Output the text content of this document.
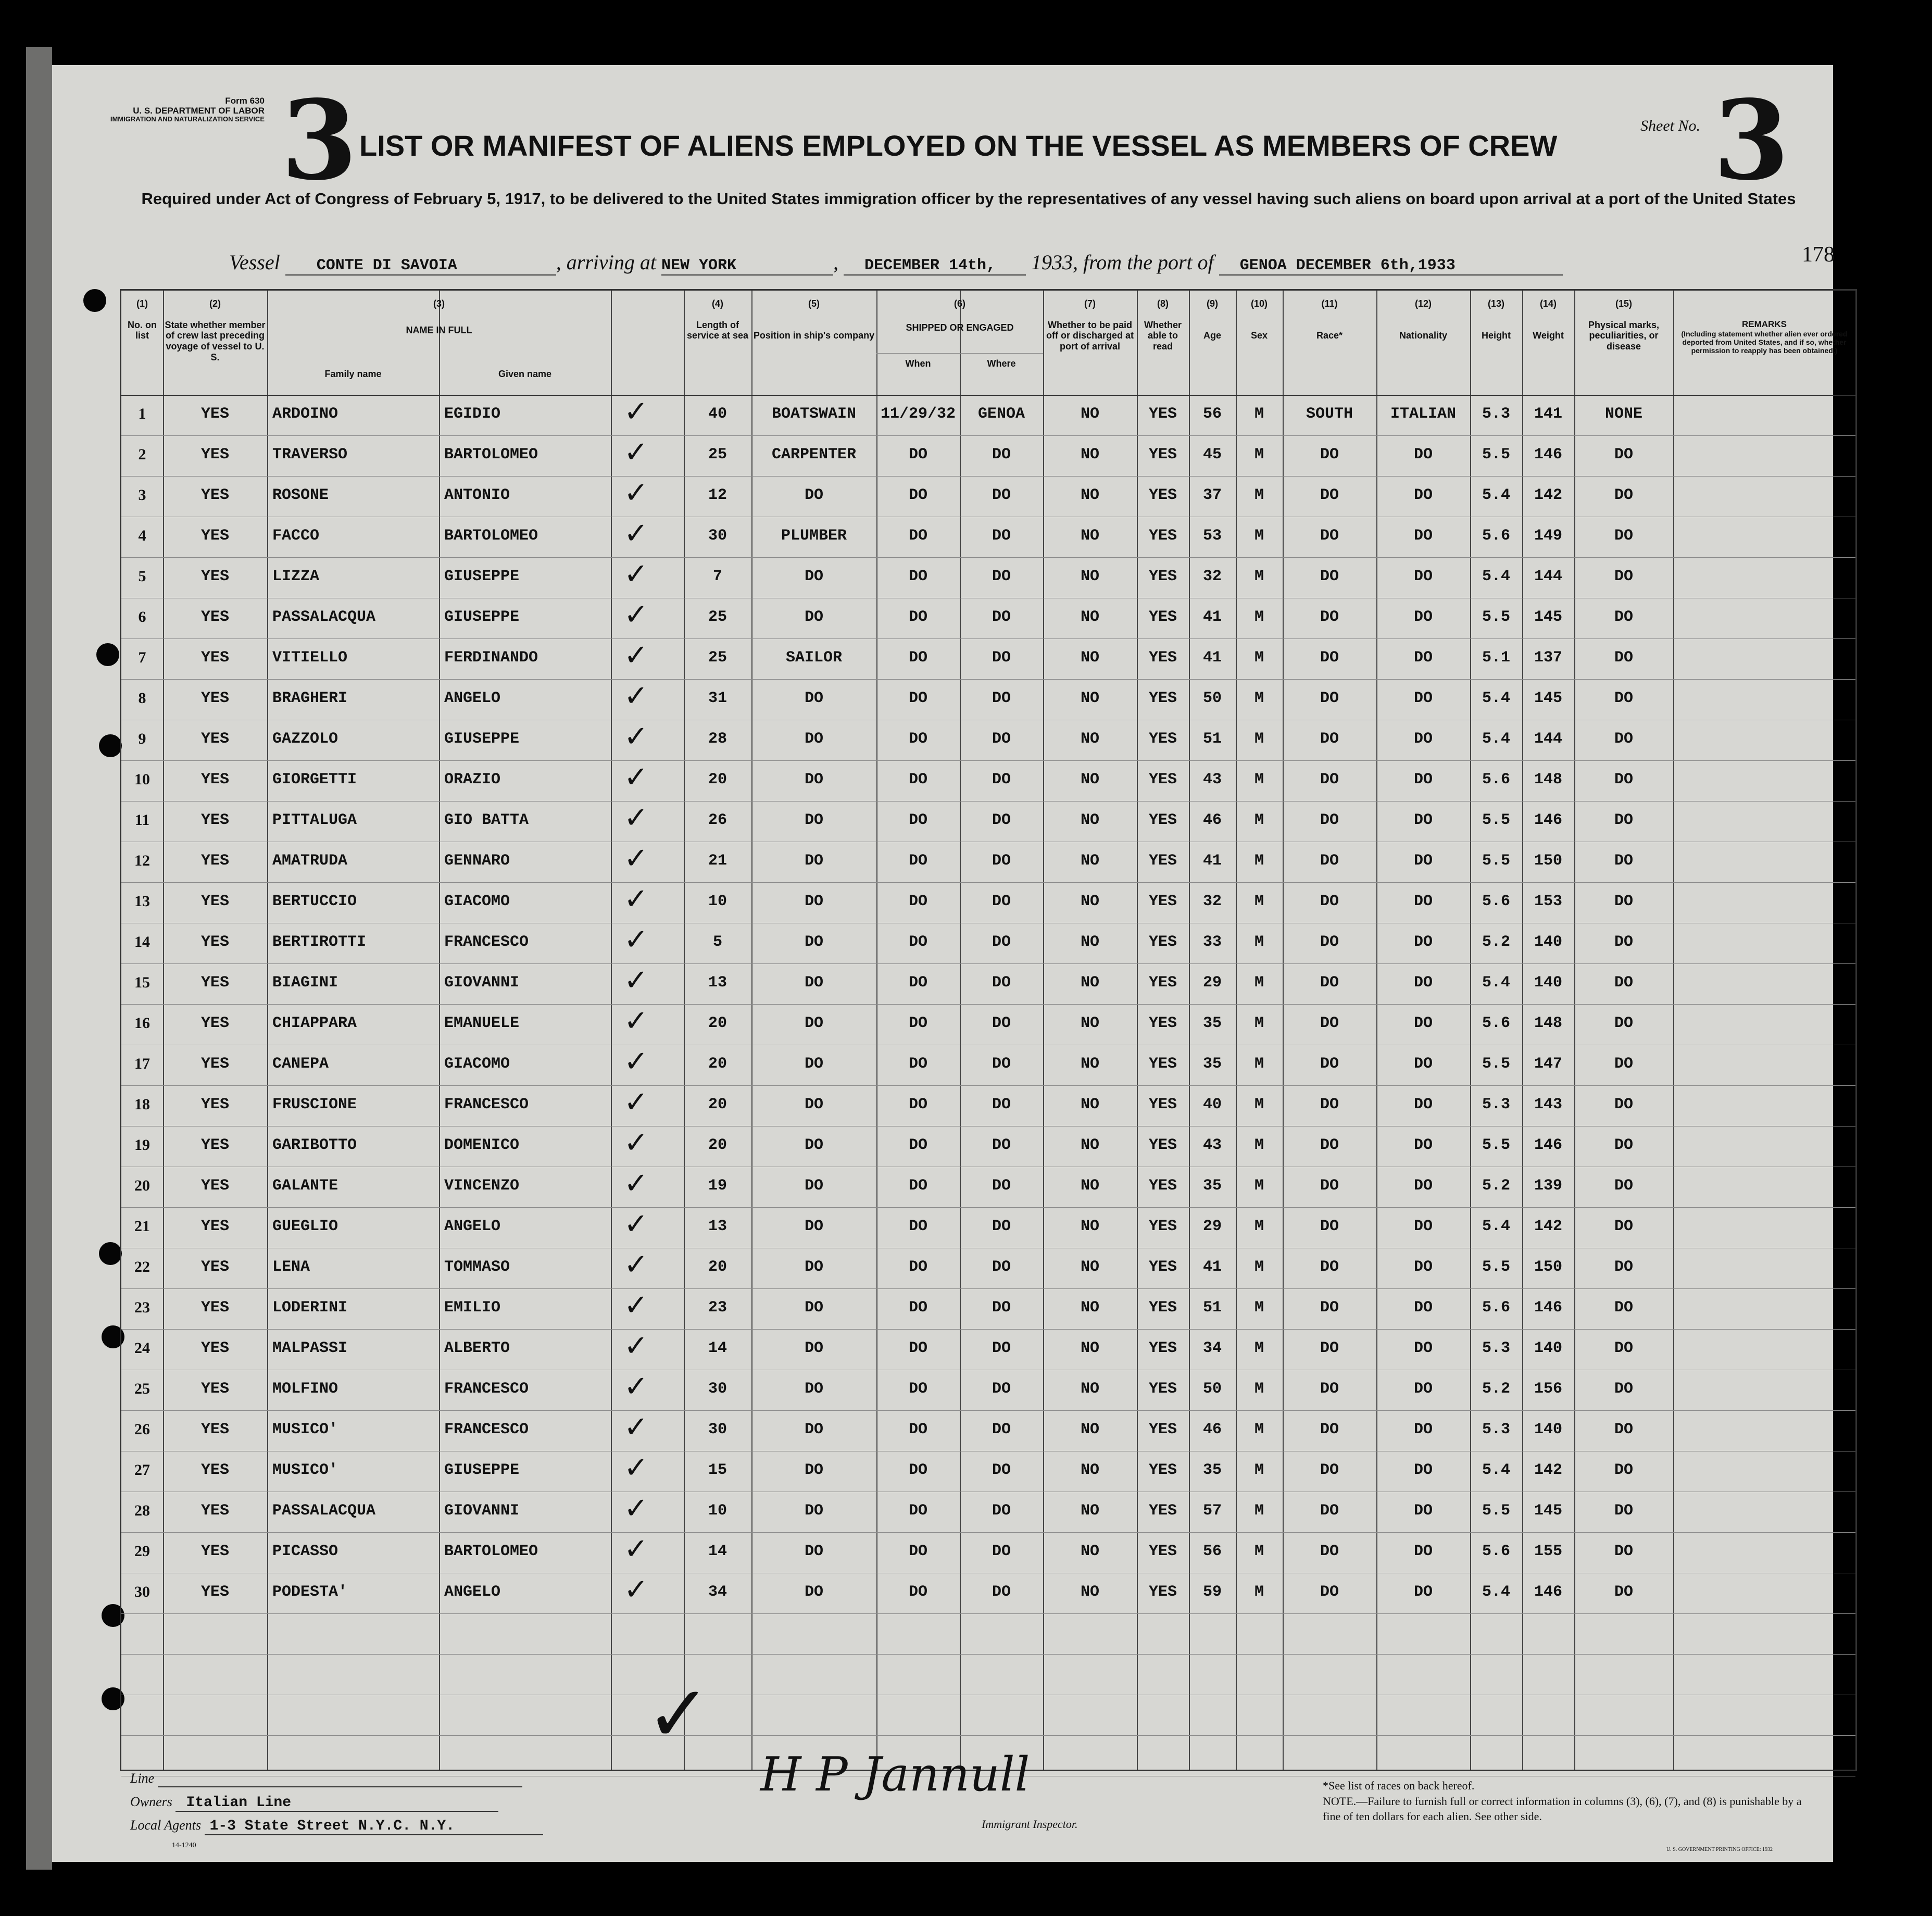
Form 630
U. S. DEPARTMENT OF LABOR
IMMIGRATION AND NATURALIZATION SERVICE 3 LIST OR MANIFEST OF ALIENS EMPLOYED ON THE VESSEL AS MEMBERS OF CREW
Sheet No. 3
Required under Act of Congress of February 5, 1917, to be delivered to the United States immigration officer by the representatives of any vessel having such aliens on board upon arrival at a port of the United States
178
Vessel CONTE DI SAVOIA	, arriving at NEW YORK	, DECEMBER 14th, 1933, from the port of GENOA DECEMBER 6th,1933
(1)
No. on list
(2)
State whether member of crew last preceding voyage of vessel to U. S.
(3)
NAME IN FULL
Family name	Given name
(4)
Length of service at sea
(5)
Position in ship's company
(6)
SHIPPED OR ENGAGED
When	Where
(7)
Whether to be paid off or discharged at port of arrival
(8)
Whether able to read
(9)
Age
(10)
Sex
(11)
Race*
(12)
Nationality
(13)
Height
(14)
Weight
(15)
Physical marks, peculiarities, or disease
REMARKS
(Including statement whether alien ever ordered deported from United States, and if so, whether permission to reapply has been obtained.)
1	YES	ARDOINO	EGIDIO	40	BOATSWAIN	11/29/32	GENOA	NO	YES	56	M	SOUTH	ITALIAN	5.3	141	NONE
✓
2	YES	TRAVERSO	BARTOLOMEO	25	CARPENTER	DO	DO	NO	YES	45	M	DO	DO	5.5	146	DO
✓
3	YES	ROSONE	ANTONIO	12	DO	DO	DO	NO	YES	37	M	DO	DO	5.4	142	DO
✓
4	YES	FACCO	BARTOLOMEO	30	PLUMBER	DO	DO	NO	YES	53	M	DO	DO	5.6	149	DO
✓
5	YES	LIZZA	GIUSEPPE	7	DO	DO	DO	NO	YES	32	M	DO	DO	5.4	144	DO
✓
6	YES	PASSALACQUA	GIUSEPPE	25	DO	DO	DO	NO	YES	41	M	DO	DO	5.5	145	DO
✓
7	YES	VITIELLO	FERDINANDO	25	SAILOR	DO	DO	NO	YES	41	M	DO	DO	5.1	137	DO
✓
8	YES	BRAGHERI	ANGELO	31	DO	DO	DO	NO	YES	50	M	DO	DO	5.4	145	DO
✓
9	YES	GAZZOLO	GIUSEPPE	28	DO	DO	DO	NO	YES	51	M	DO	DO	5.4	144	DO
✓
10	YES	GIORGETTI	ORAZIO	20	DO	DO	DO	NO	YES	43	M	DO	DO	5.6	148	DO
✓
11	YES	PITTALUGA	GIO BATTA	26	DO	DO	DO	NO	YES	46	M	DO	DO	5.5	146	DO
✓
12	YES	AMATRUDA	GENNARO	21	DO	DO	DO	NO	YES	41	M	DO	DO	5.5	150	DO
✓
13	YES	BERTUCCIO	GIACOMO	10	DO	DO	DO	NO	YES	32	M	DO	DO	5.6	153	DO
✓
14	YES	BERTIROTTI	FRANCESCO	5	DO	DO	DO	NO	YES	33	M	DO	DO	5.2	140	DO
✓
15	YES	BIAGINI	GIOVANNI	13	DO	DO	DO	NO	YES	29	M	DO	DO	5.4	140	DO
✓
16	YES	CHIAPPARA	EMANUELE	20	DO	DO	DO	NO	YES	35	M	DO	DO	5.6	148	DO
✓
17	YES	CANEPA	GIACOMO	20	DO	DO	DO	NO	YES	35	M	DO	DO	5.5	147	DO
✓
18	YES	FRUSCIONE	FRANCESCO	20	DO	DO	DO	NO	YES	40	M	DO	DO	5.3	143	DO
✓
19	YES	GARIBOTTO	DOMENICO	20	DO	DO	DO	NO	YES	43	M	DO	DO	5.5	146	DO
✓
20	YES	GALANTE	VINCENZO	19	DO	DO	DO	NO	YES	35	M	DO	DO	5.2	139	DO
✓
21	YES	GUEGLIO	ANGELO	13	DO	DO	DO	NO	YES	29	M	DO	DO	5.4	142	DO
✓
22	YES	LENA	TOMMASO	20	DO	DO	DO	NO	YES	41	M	DO	DO	5.5	150	DO
✓
23	YES	LODERINI	EMILIO	23	DO	DO	DO	NO	YES	51	M	DO	DO	5.6	146	DO
✓
24	YES	MALPASSI	ALBERTO	14	DO	DO	DO	NO	YES	34	M	DO	DO	5.3	140	DO
✓
25	YES	MOLFINO	FRANCESCO	30	DO	DO	DO	NO	YES	50	M	DO	DO	5.2	156	DO
✓
26	YES	MUSICO'	FRANCESCO	30	DO	DO	DO	NO	YES	46	M	DO	DO	5.3	140	DO
✓
27	YES	MUSICO'	GIUSEPPE	15	DO	DO	DO	NO	YES	35	M	DO	DO	5.4	142	DO
✓
28	YES	PASSALACQUA	GIOVANNI	10	DO	DO	DO	NO	YES	57	M	DO	DO	5.5	145	DO
✓
29	YES	PICASSO	BARTOLOMEO	14	DO	DO	DO	NO	YES	56	M	DO	DO	5.6	155	DO
✓
30	YES	PODESTA'	ANGELO	34	DO	DO	DO	NO	YES	59	M	DO	DO	5.4	146	DO
✓
Line
Owners Italian Line
Local Agents 1-3 State Street N.Y.C. N.Y.
14-1240
✓
H P Jannull
Immigrant Inspector.
*See list of races on back hereof.
NOTE.—Failure to furnish full or correct information in columns (3), (6), (7), and (8) is punishable by a fine of ten dollars for each alien. See other side.
U. S. GOVERNMENT PRINTING OFFICE: 1932
